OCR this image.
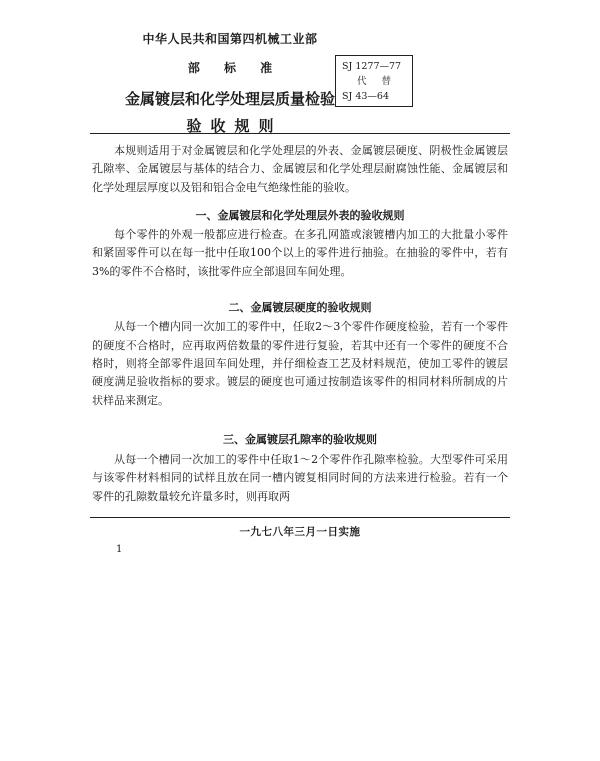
中华人民共和国第四机械工业部
部 标 准
金属镀层和化学处理层质量检验
验收规则
SJ 1277—77
代 替
SJ 43—64

本规则适用于对金属镀层和化学处理层的外表、金属镀层硬度、阴极性金属镀层孔隙率、金属镀层与基体的结合力、金属镀层和化学处理层耐腐蚀性能、金属镀层和化学处理层厚度以及铝和铝合金电气绝缘性能的验收。

一、金属镀层和化学处理层外表的验收规则

每个零件的外观一般都应进行检查。在多孔网篮或滚镀槽内加工的大批量小零件和紧固零件可以在每一批中任取100个以上的零件进行抽验。在抽验的零件中，若有3%的零件不合格时，该批零件应全部退回车间处理。

二、金属镀层硬度的验收规则

从每一个槽内同一次加工的零件中，任取2～3个零件作硬度检验，若有一个零件的硬度不合格时，应再取两倍数量的零件进行复验，若其中还有一个零件的硬度不合格时，则将全部零件退回车间处理，并仔细检查工艺及材料规范，使加工零件的镀层硬度满足验收指标的要求。镀层的硬度也可通过按制造该零件的相同材料所制成的片状样品来测定。

三、金属镀层孔隙率的验收规则

从每一个槽同一次加工的零件中任取1～2个零件作孔隙率检验。大型零件可采用与该零件材料相同的试样且放在同一槽内镀复相同时间的方法来进行检验。若有一个零件的孔隙数量较允许量多时，则再取两

一九七八年三月一日实施
1
